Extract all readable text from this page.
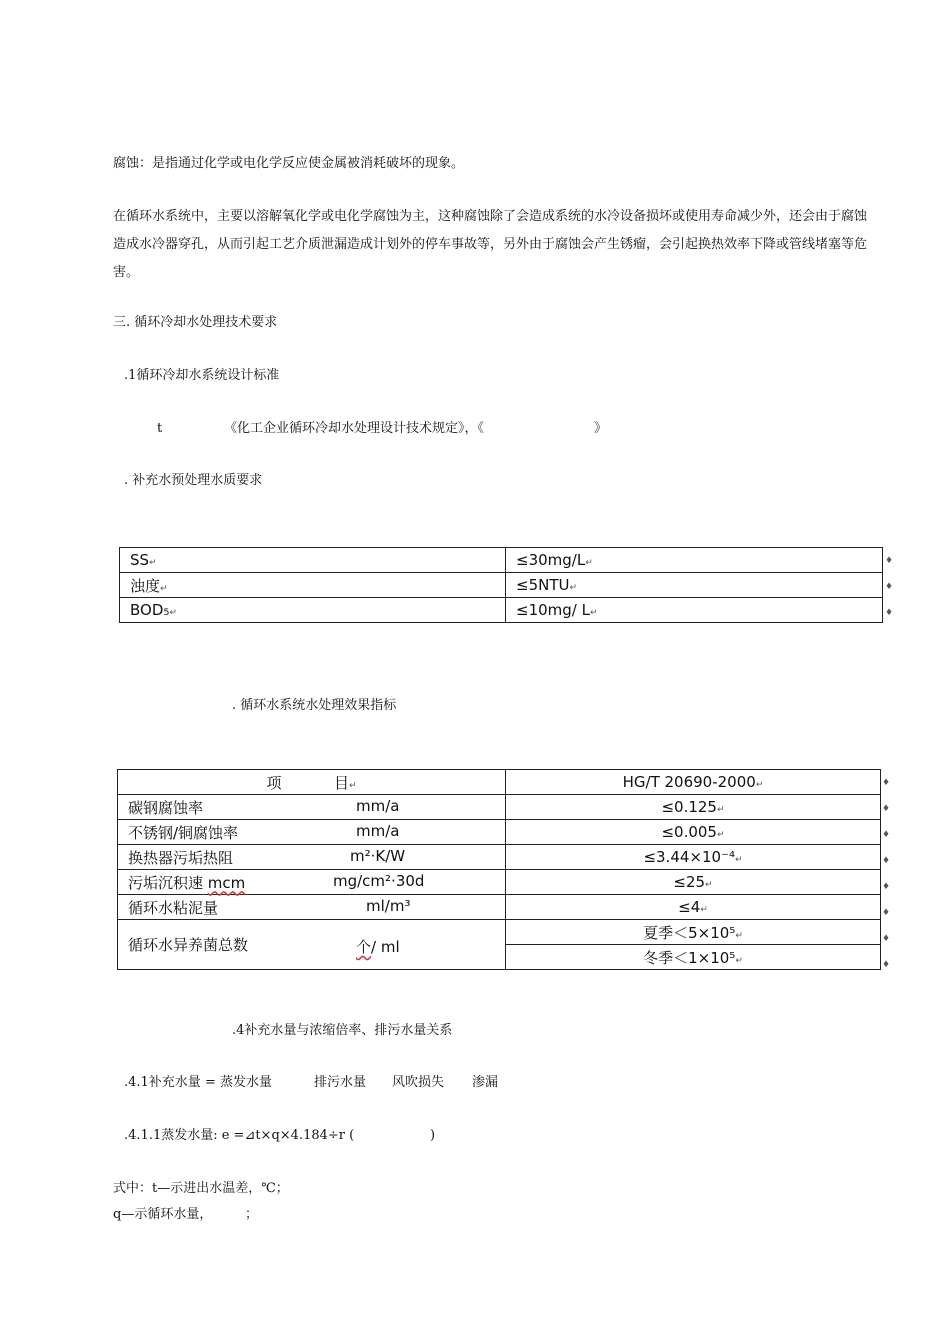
腐蚀：是指通过化学或电化学反应使金属被消耗破坏的现象。
在循环水系统中，主要以溶解氧化学或电化学腐蚀为主，这种腐蚀除了会造成系统的水冷设备损坏或使用寿命减少外，还会由于腐蚀造成水冷器穿孔，从而引起工艺介质泄漏造成计划外的停车事故等，另外由于腐蚀会产生锈瘤，会引起换热效率下降或管线堵塞等危害。
三. 循环冷却水处理技术要求
.1循环冷却水系统设计标准
t	《化工企业循环冷却水处理设计技术规定》，《	》
. 补充水预处理水质要求
SS↵	≤30mg/L↵
浊度↵	≤5NTU↵
BOD₅↵	≤10mg/ L↵
♦
♦
♦
. 循环水系统水处理效果指标
项 目↵	HG/T 20690-2000↵
碳钢腐蚀率 mm/a	≤0.125↵
不锈钢/铜腐蚀率 mm/a	≤0.005↵
换热器污垢热阻 m²·K/W	≤3.44×10⁻⁴↵
污垢沉积速 mcm mg/cm²·30d	≤25↵
循环水粘泥量 ml/m³	≤4↵
循环水异养菌总数 个/ ml	夏季＜5×10⁵↵
	冬季＜1×10⁵↵
♦
♦
♦
♦
♦
♦
♦
♦
.4补充水量与浓缩倍率、排污水量关系
.4.1补充水量 = 蒸发水量	排污水量 风吹损失 渗漏
.4.1.1蒸发水量: e =⊿t×q×4.184÷r (	)
式中：t—示进出水温差，℃；
q—示循环水量，	；
